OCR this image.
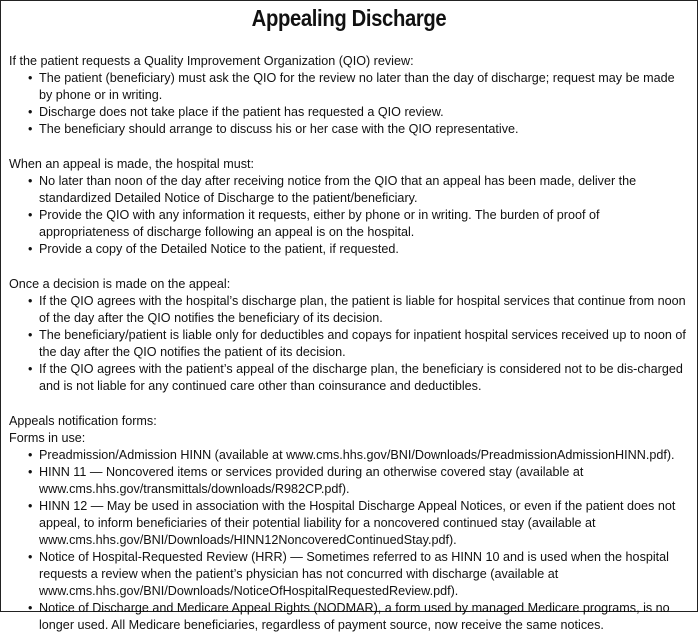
Appealing Discharge

If the patient requests a Quality Improvement Organization (QIO) review:

• The patient (beneficiary) must ask the QIO for the review no later than the day of discharge; request may be made by phone or in writing.
• Discharge does not take place if the patient has requested a QIO review.
• The beneficiary should arrange to discuss his or her case with the QIO representative.

When an appeal is made, the hospital must:

• No later than noon of the day after receiving notice from the QIO that an appeal has been made, deliver the standardized Detailed Notice of Discharge to the patient/beneficiary.
• Provide the QIO with any information it requests, either by phone or in writing. The burden of proof of appropriateness of discharge following an appeal is on the hospital.
• Provide a copy of the Detailed Notice to the patient, if requested.

Once a decision is made on the appeal:

• If the QIO agrees with the hospital’s discharge plan, the patient is liable for hospital services that continue from noon of the day after the QIO notifies the beneficiary of its decision.
• The beneficiary/patient is liable only for deductibles and copays for inpatient hospital services received up to noon of the day after the QIO notifies the patient of its decision.
• If the QIO agrees with the patient’s appeal of the discharge plan, the beneficiary is considered not to be dis-charged and is not liable for any continued care other than coinsurance and deductibles.

Appeals notification forms:

Forms in use:

• Preadmission/Admission HINN (available at www.cms.hhs.gov/BNI/Downloads/PreadmissionAdmissionHINN.pdf).
• HINN 11 — Noncovered items or services provided during an otherwise covered stay (available at www.cms.hhs.gov/transmittals/downloads/R982CP.pdf).
• HINN 12 — May be used in association with the Hospital Discharge Appeal Notices, or even if the patient does not appeal, to inform beneficiaries of their potential liability for a noncovered continued stay (available at www.cms.hhs.gov/BNI/Downloads/HINN12NoncoveredContinuedStay.pdf).
• Notice of Hospital-Requested Review (HRR) — Sometimes referred to as HINN 10 and is used when the hospital requests a review when the patient’s physician has not concurred with discharge (available at www.cms.hhs.gov/BNI/Downloads/NoticeOfHospitalRequestedReview.pdf).
• Notice of Discharge and Medicare Appeal Rights (NODMAR), a form used by managed Medicare programs, is no longer used. All Medicare beneficiaries, regardless of payment source, now receive the same notices.
